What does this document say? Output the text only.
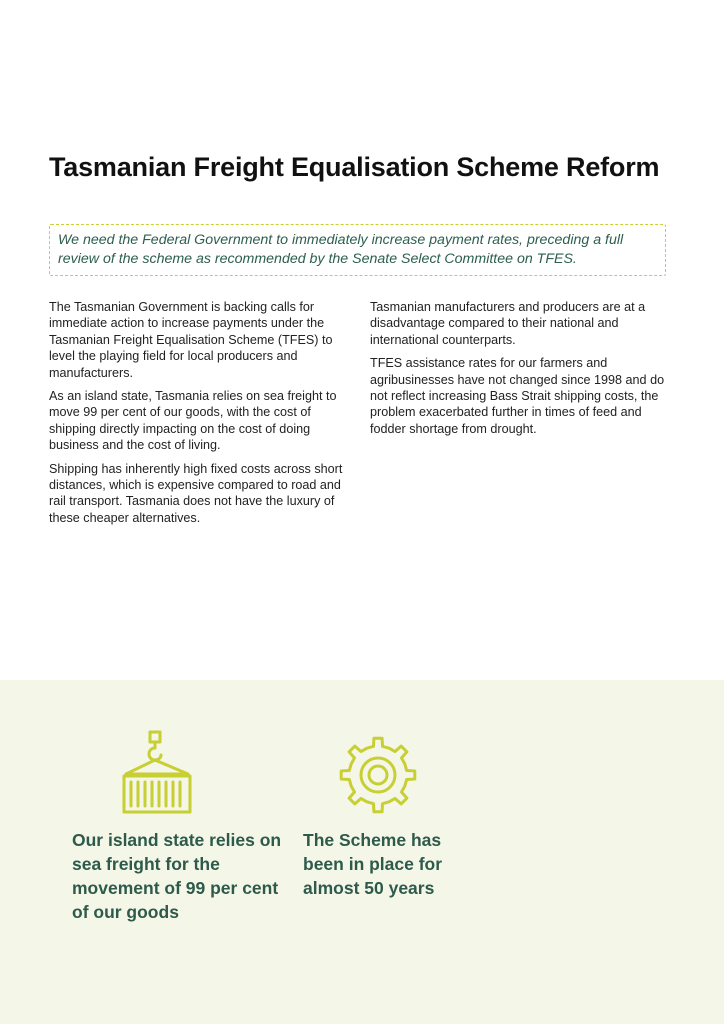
Tasmanian Freight Equalisation Scheme Reform
We need the Federal Government to immediately increase payment rates, preceding a full review of the scheme as recommended by the Senate Select Committee on TFES.

The Tasmanian Government is backing calls for immediate action to increase payments under the Tasmanian Freight Equalisation Scheme (TFES) to level the playing field for local producers and manufacturers.

As an island state, Tasmania relies on sea freight to move 99 per cent of our goods, with the cost of shipping directly impacting on the cost of doing business and the cost of living.

Shipping has inherently high fixed costs across short distances, which is expensive compared to road and rail transport. Tasmania does not have the luxury of these cheaper alternatives.

Tasmanian manufacturers and producers are at a disadvantage compared to their national and international counterparts.

TFES assistance rates for our farmers and agribusinesses have not changed since 1998 and do not reflect increasing Bass Strait shipping costs, the problem exacerbated further in times of feed and fodder shortage from drought.

Our island state relies on sea freight for the movement of 99 per cent of our goods
The Scheme has been in place for almost 50 years
